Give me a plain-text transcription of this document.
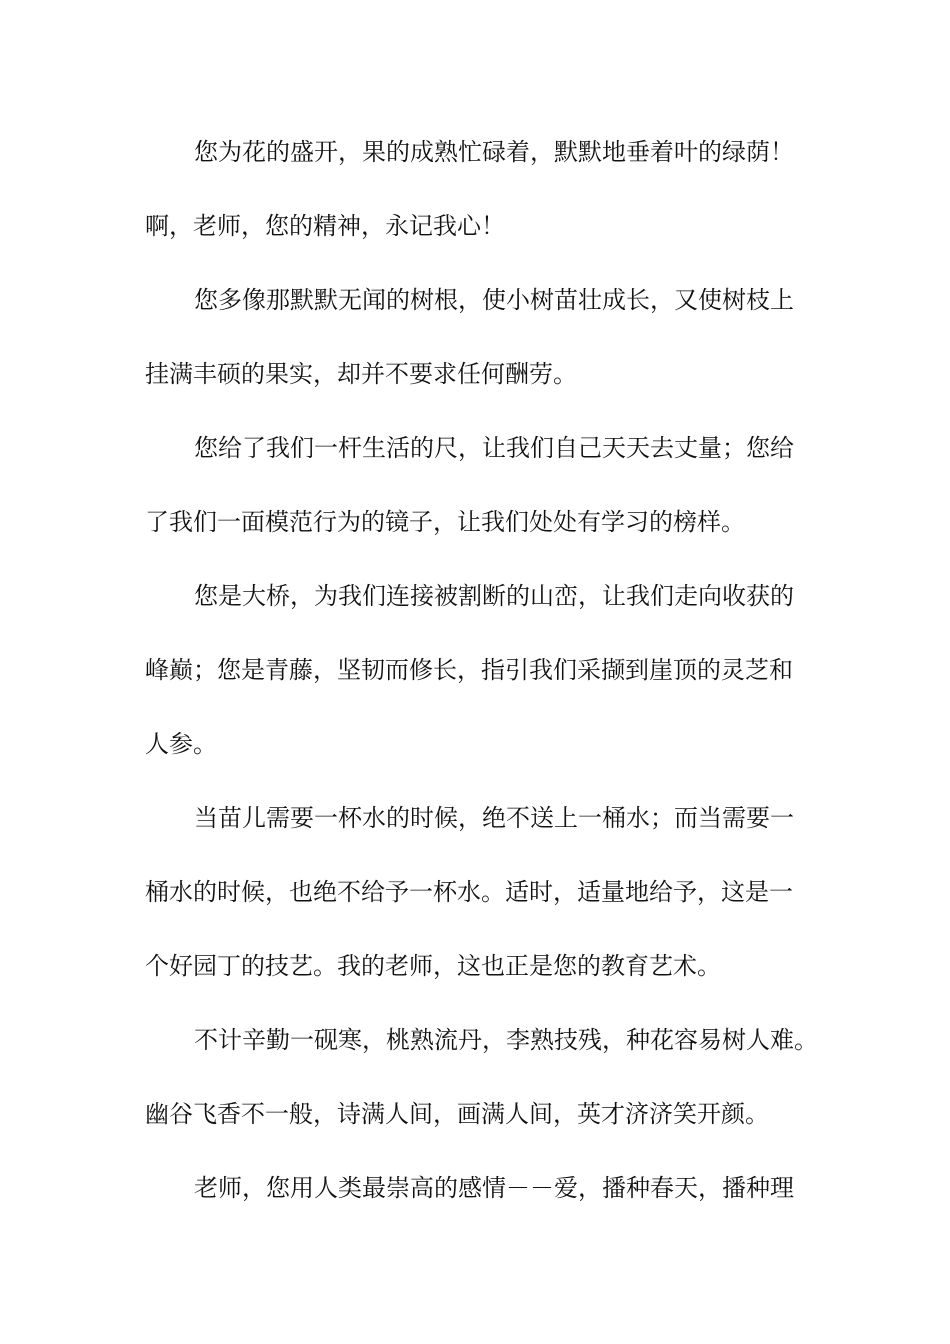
您为花的盛开，果的成熟忙碌着，默默地垂着叶的绿荫！
啊，老师，您的精神，永记我心！
您多像那默默无闻的树根，使小树苗壮成长，又使树枝上
挂满丰硕的果实，却并不要求任何酬劳。
您给了我们一杆生活的尺，让我们自己天天去丈量；您给
了我们一面模范行为的镜子，让我们处处有学习的榜样。
您是大桥，为我们连接被割断的山峦，让我们走向收获的
峰巅；您是青藤，坚韧而修长，指引我们采撷到崖顶的灵芝和
人参。
当苗儿需要一杯水的时候，绝不送上一桶水；而当需要一
桶水的时候，也绝不给予一杯水。适时，适量地给予，这是一
个好园丁的技艺。我的老师，这也正是您的教育艺术。
不计辛勤一砚寒，桃熟流丹，李熟技残，种花容易树人难。
幽谷飞香不一般，诗满人间，画满人间，英才济济笑开颜。
老师，您用人类最崇高的感情－－爱，播种春天，播种理
